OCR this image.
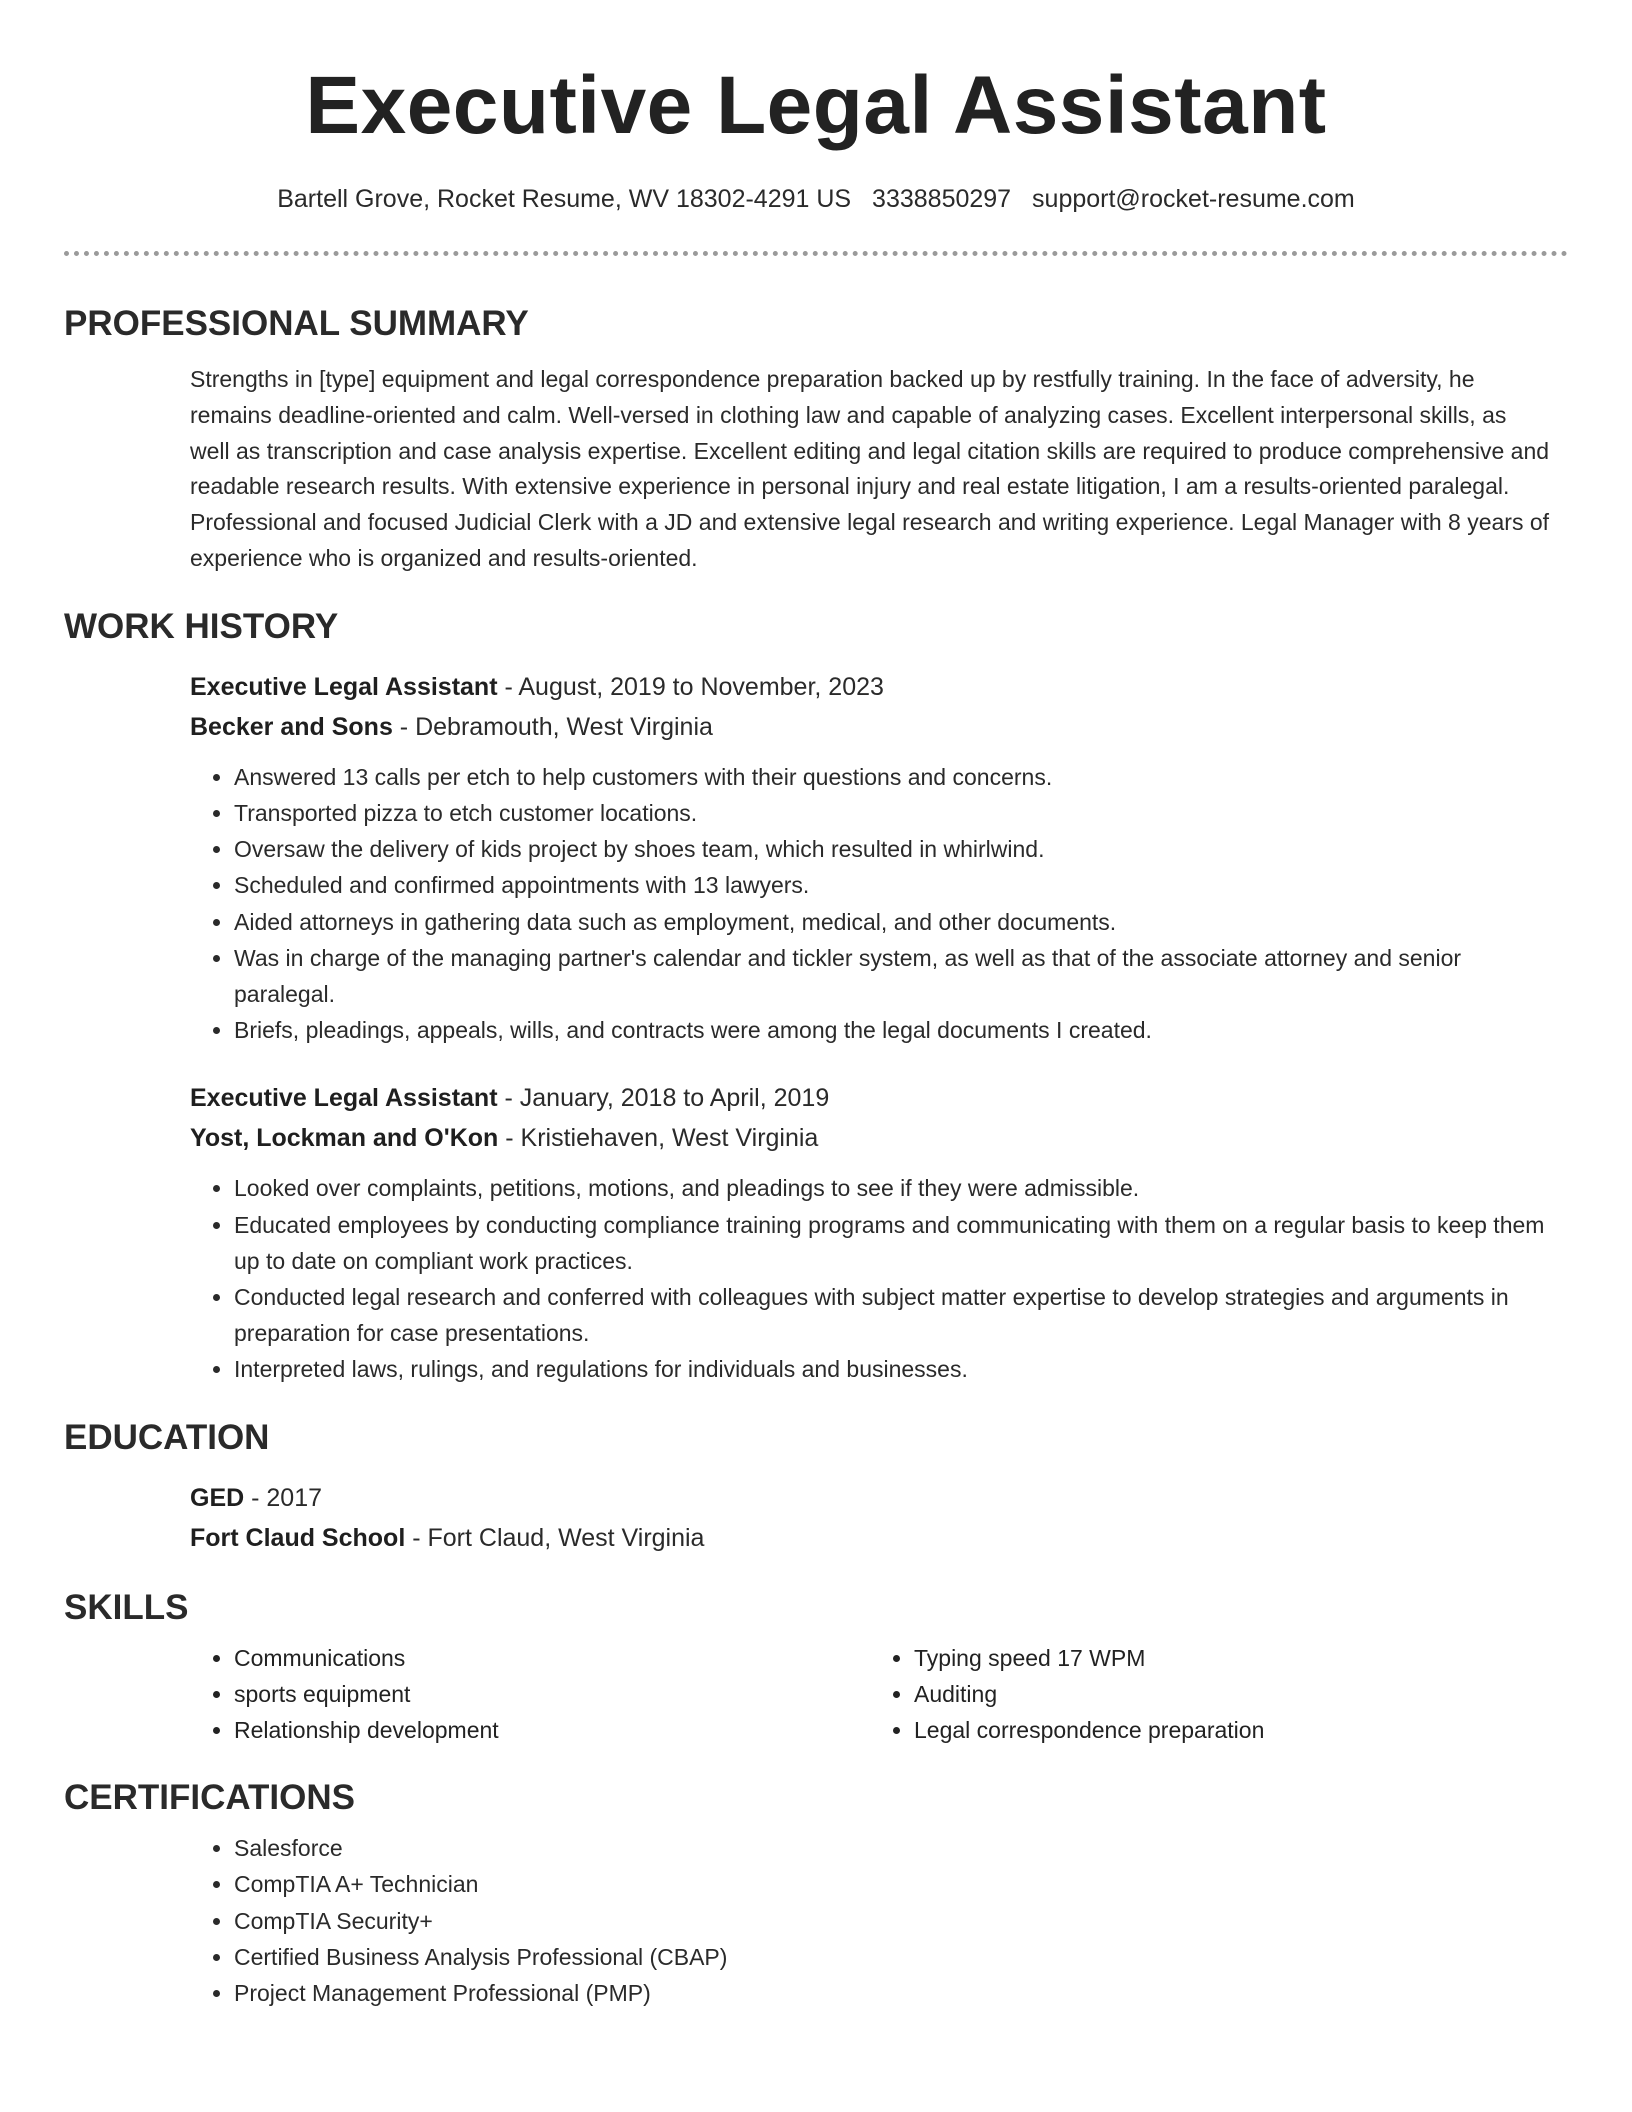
Executive Legal Assistant
Bartell Grove, Rocket Resume, WV 18302-4291 US 3338850297 support@rocket-resume.com
PROFESSIONAL SUMMARY

Strengths in [type] equipment and legal correspondence preparation backed up by restfully training. In the face of adversity, he remains deadline-oriented and calm. Well-versed in clothing law and capable of analyzing cases. Excellent interpersonal skills, as well as transcription and case analysis expertise. Excellent editing and legal citation skills are required to produce comprehensive and readable research results. With extensive experience in personal injury and real estate litigation, I am a results-oriented paralegal. Professional and focused Judicial Clerk with a JD and extensive legal research and writing experience. Legal Manager with 8 years of experience who is organized and results-oriented.

WORK HISTORY
Executive Legal Assistant - August, 2019 to November, 2023
Becker and Sons - Debramouth, West Virginia
• Answered 13 calls per etch to help customers with their questions and concerns.
• Transported pizza to etch customer locations.
• Oversaw the delivery of kids project by shoes team, which resulted in whirlwind.
• Scheduled and confirmed appointments with 13 lawyers.
• Aided attorneys in gathering data such as employment, medical, and other documents.
• Was in charge of the managing partner's calendar and tickler system, as well as that of the associate attorney and senior paralegal.
• Briefs, pleadings, appeals, wills, and contracts were among the legal documents I created.
Executive Legal Assistant - January, 2018 to April, 2019
Yost, Lockman and O'Kon - Kristiehaven, West Virginia
• Looked over complaints, petitions, motions, and pleadings to see if they were admissible.
• Educated employees by conducting compliance training programs and communicating with them on a regular basis to keep them up to date on compliant work practices.
• Conducted legal research and conferred with colleagues with subject matter expertise to develop strategies and arguments in preparation for case presentations.
• Interpreted laws, rulings, and regulations for individuals and businesses.
EDUCATION
GED - 2017
Fort Claud School - Fort Claud, West Virginia
SKILLS
• Communications
• sports equipment
• Relationship development
• Typing speed 17 WPM
• Auditing
• Legal correspondence preparation
CERTIFICATIONS
• Salesforce
• CompTIA A+ Technician
• CompTIA Security+
• Certified Business Analysis Professional (CBAP)
• Project Management Professional (PMP)
